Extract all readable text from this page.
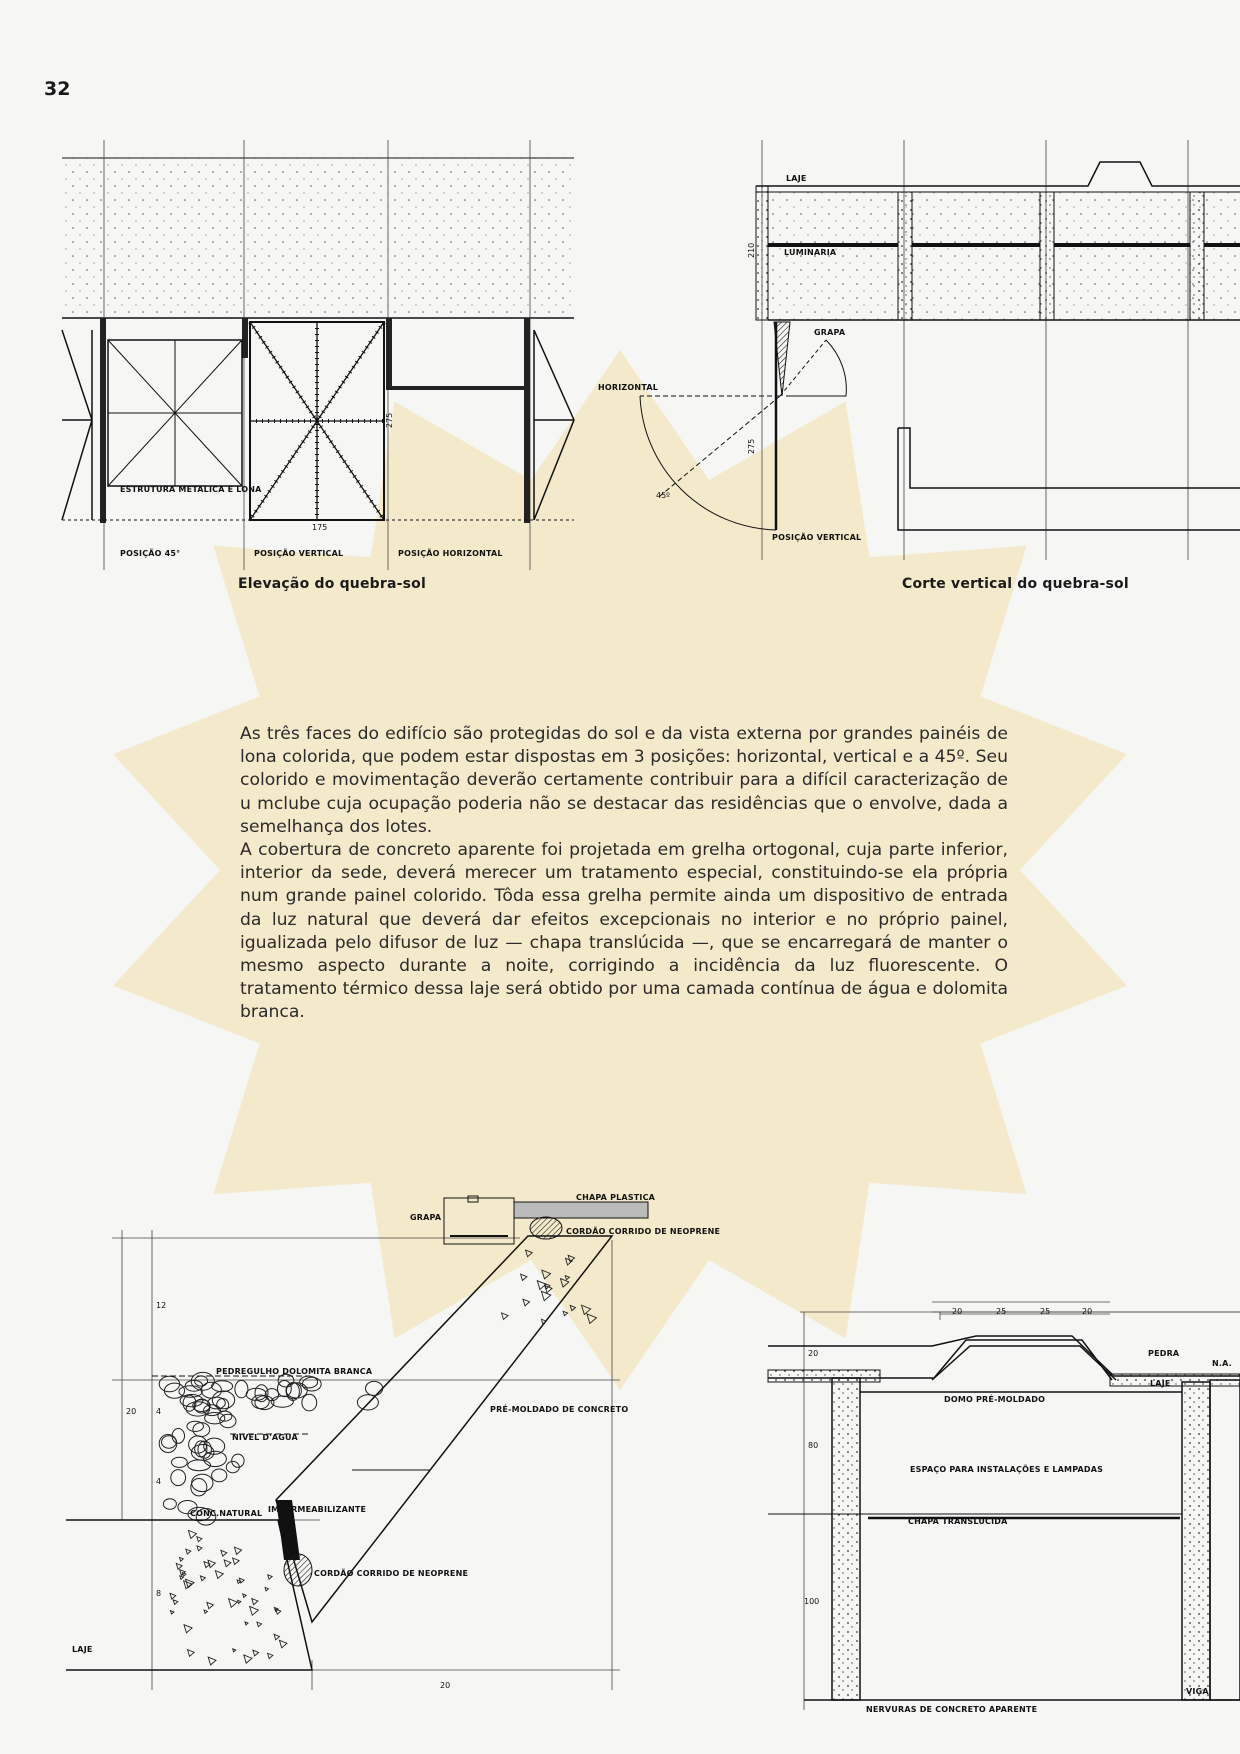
32
ESTRUTURA METALICA E LONA
POSIÇÃO 45°	POSIÇÃO VERTICAL	POSIÇÃO HORIZONTAL
275
175
LAJE
LUMINARIA
210
GRAPA
HORIZONTAL
275
45º
POSIÇÃO VERTICAL
Elevação do quebra-sol	Corte vertical do quebra-sol

As três faces do edifício são protegidas do sol e da vista externa por grandes painéis de lona colorida, que podem estar dispostas em 3 posições: horizontal, vertical e a 45º. Seu colorido e movimentação deverão certamente contribuir para a difícil caracterização de u mclube cuja ocupação poderia não se destacar das residências que o envolve, dada a semelhança dos lotes.

A cobertura de concreto aparente foi projetada em grelha ortogonal, cuja parte inferior, interior da sede, deverá merecer um tratamento especial, constituindo-se ela própria num grande painel colorido. Tôda essa grelha permite ainda um dispositivo de entrada da luz natural que deverá dar efeitos excepcionais no interior e no próprio painel, igualizada pelo difusor de luz — chapa translúcida —, que se encarregará de manter o mesmo aspecto durante a noite, corrigindo a incidência da luz fluorescente. O tratamento térmico dessa laje será obtido por uma camada contínua de água e dolomita branca.

CHAPA PLASTICA
GRAPA
CORDÃO CORRIDO DE NEOPRENE
PEDREGULHO DOLOMITA BRANCA
PRÉ-MOLDADO DE CONCRETO
NIVEL D'AGUA
CONC.NATURAL IMPERMEABILIZANTE
CORDÃO CORRIDO DE NEOPRENE
LAJE
12
20 4
4
8
20
20	25	25	20
20	PEDRA
N.A.
LAJE
DOMO PRÉ-MOLDADO
ESPAÇO PARA INSTALAÇÕES E LAMPADAS
CHAPA TRANSLUCIDA
80
100
VIGA
NERVURAS DE CONCRETO APARENTE
